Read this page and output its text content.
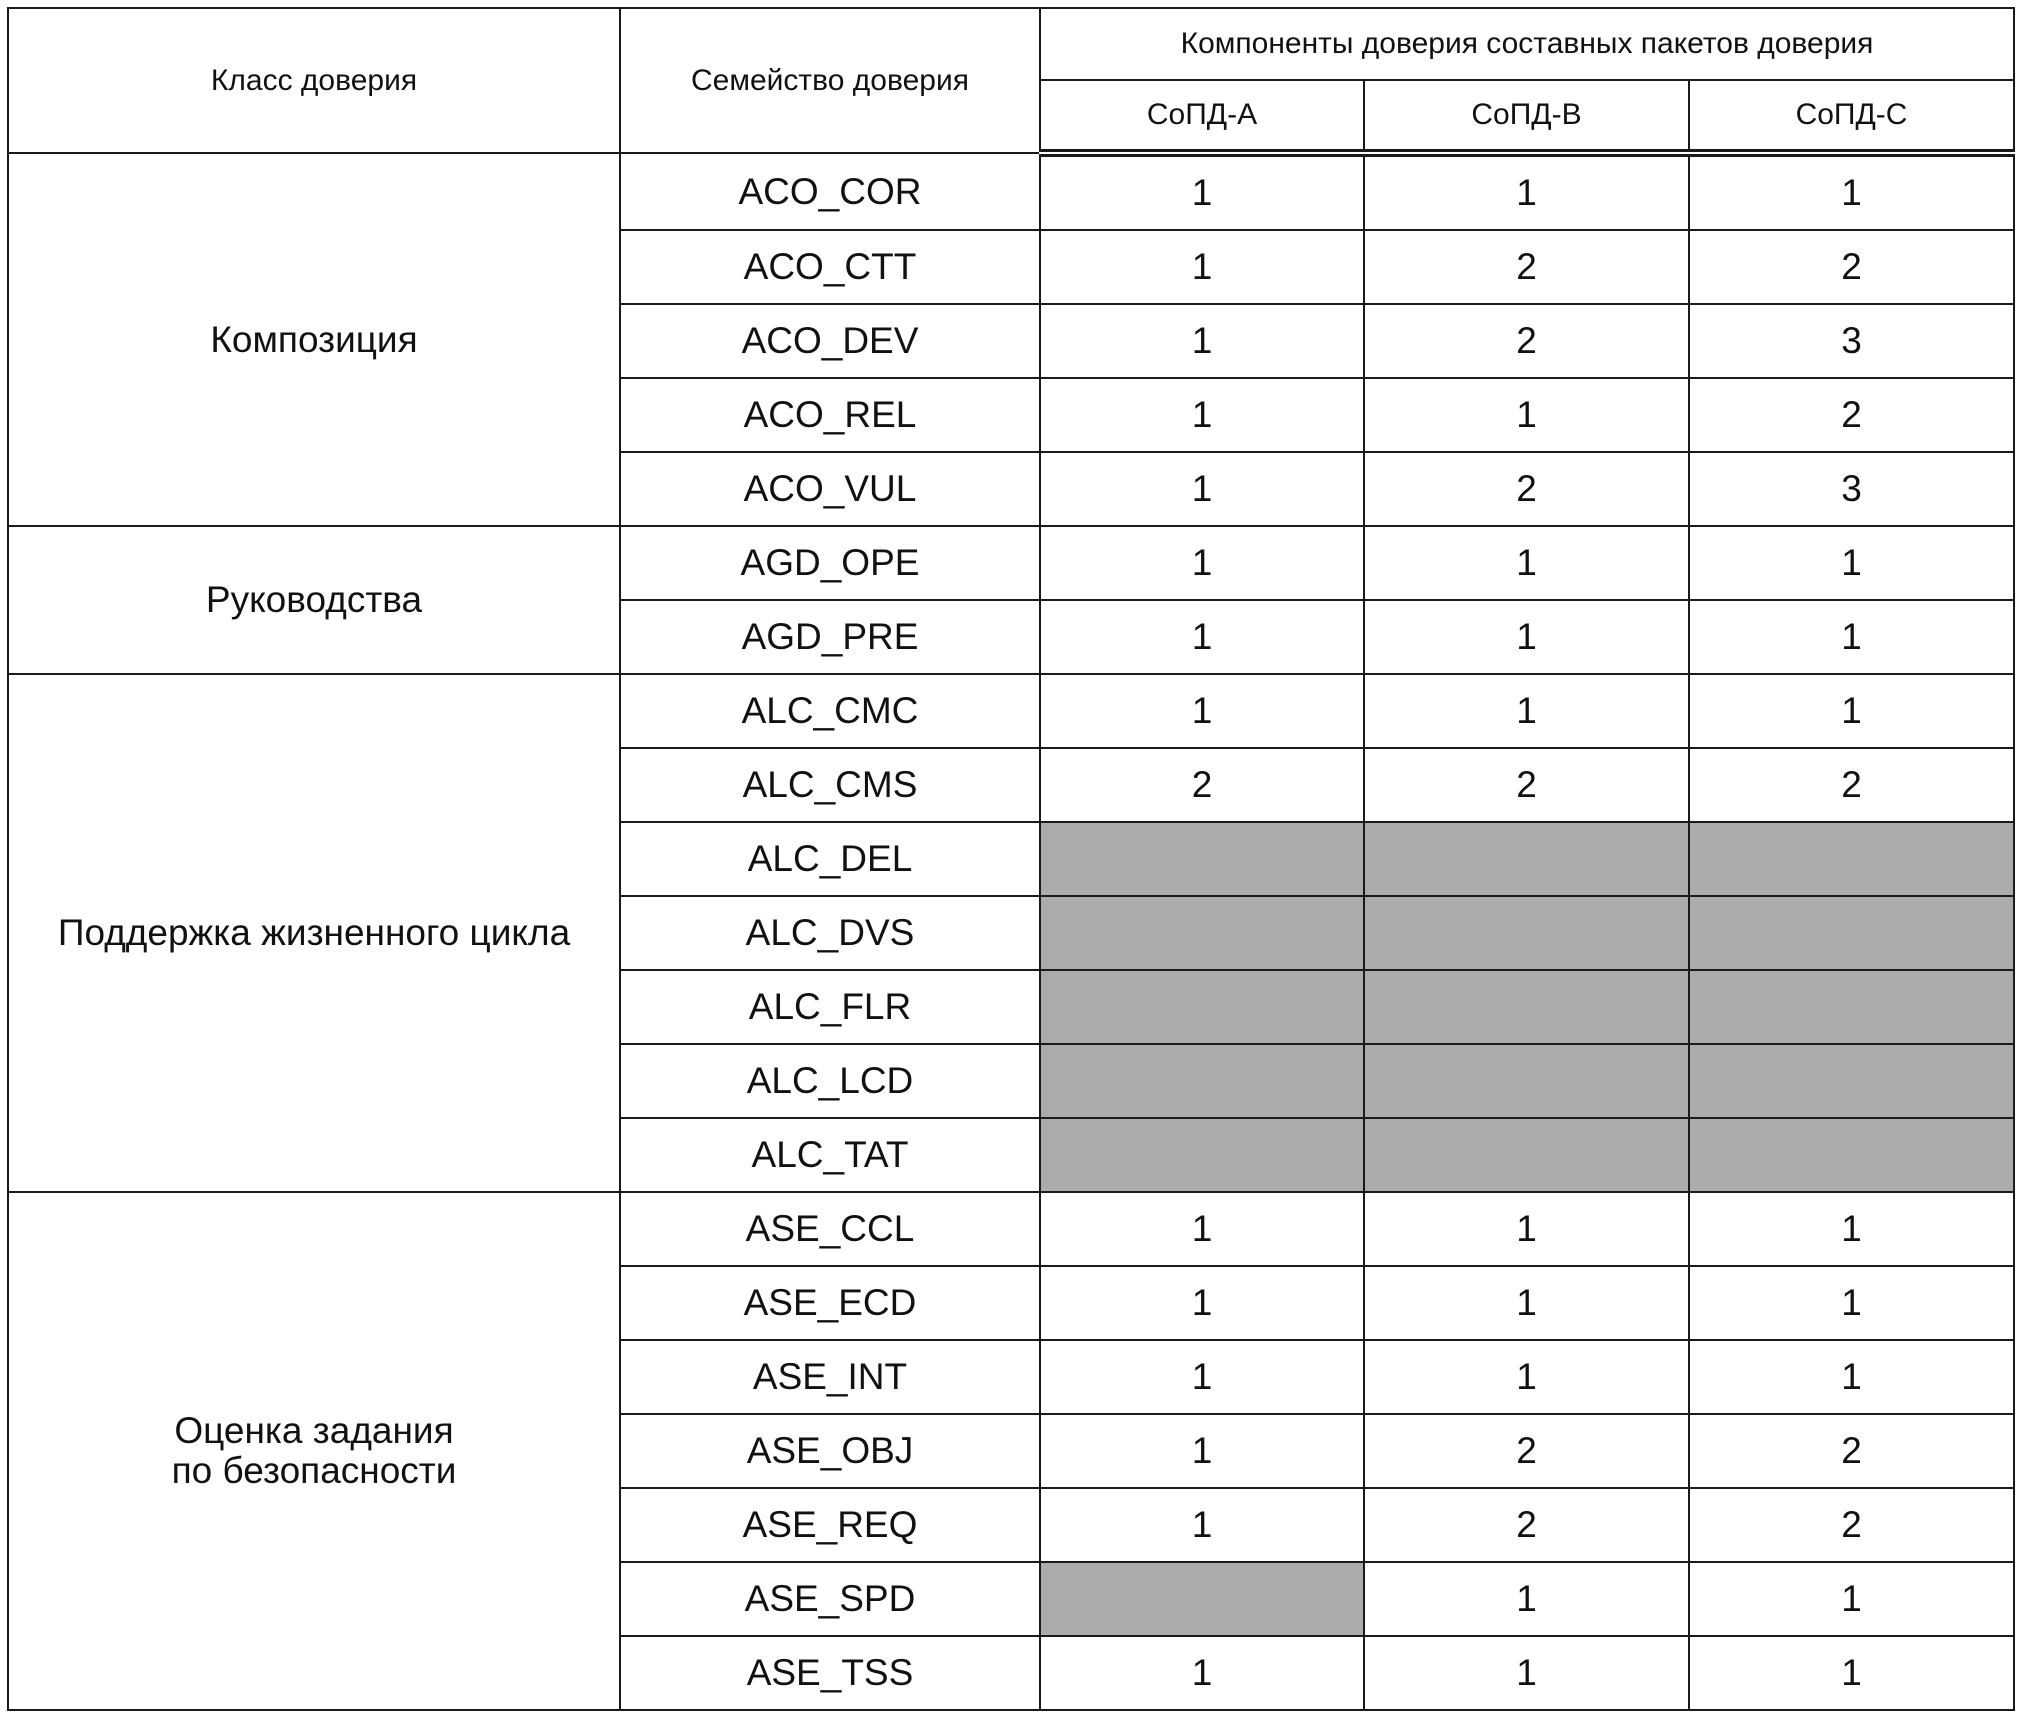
Класс доверия	Семейство доверия	Компоненты доверия составных пакетов доверия		
		СоПД-A	СоПД-B	СоПД-C
Композиция	ACO_COR	1	1	1
	ACO_CTT	1	2	2
	ACO_DEV	1	2	3
	ACO_REL	1	1	2
	ACO_VUL	1	2	3
Руководства	AGD_OPE	1	1	1
	AGD_PRE	1	1	1
Поддержка жизненного цикла	ALC_CMC	1	1	1
	ALC_CMS	2	2	2
	ALC_DEL			
	ALC_DVS			
	ALC_FLR			
	ALC_LCD			
	ALC_TAT			

Оценка задания
по безопасности	ASE_CCL	1	1	1
	ASE_ECD	1	1	1
	ASE_INT	1	1	1
	ASE_OBJ	1	2	2
	ASE_REQ	1	2	2
	ASE_SPD		1	1
	ASE_TSS	1	1	1
